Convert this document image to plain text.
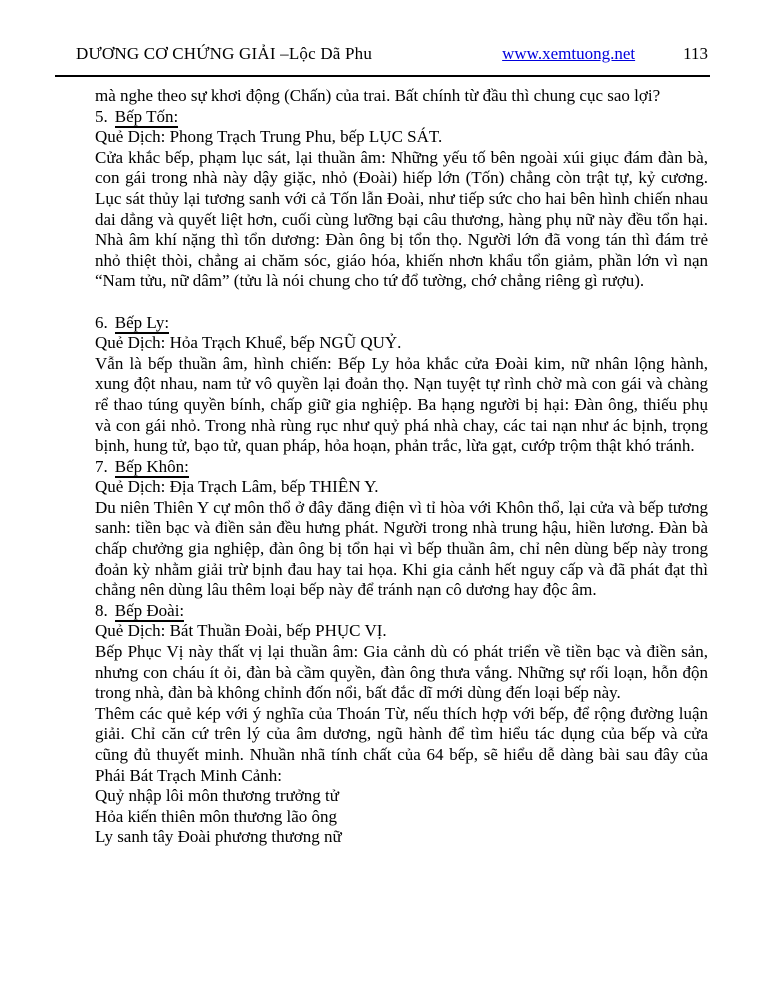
DƯƠNG CƠ CHỨNG GIẢI –Lộc Dã Phu	www.xemtuong.net	113

mà nghe theo sự khơi động (Chấn) của trai. Bất chính từ đầu thì chung cục sao lợi?

5. Bếp Tốn:

Quẻ Dịch: Phong Trạch Trung Phu, bếp LỤC SÁT.

Cửa khắc bếp, phạm lục sát, lại thuần âm: Những yếu tố bên ngoài xúi giục đám đàn bà, con gái trong nhà này dậy giặc, nhỏ (Đoài) hiếp lớn (Tốn) chẳng còn trật tự, kỷ cương. Lục sát thủy lại tương sanh với cả Tốn lẫn Đoài, như tiếp sức cho hai bên hình chiến nhau dai dẳng và quyết liệt hơn, cuối cùng lưỡng bại câu thương, hàng phụ nữ này đều tổn hại. Nhà âm khí nặng thì tổn dương: Đàn ông bị tổn thọ. Người lớn đã vong tán thì đám trẻ nhỏ thiệt thòi, chẳng ai chăm sóc, giáo hóa, khiến nhơn khẩu tổn giảm, phần lớn vì nạn “Nam tửu, nữ dâm” (tửu là nói chung cho tứ đổ tường, chớ chẳng riêng gì rượu).

6. Bếp Ly:

Quẻ Dịch: Hỏa Trạch Khuể, bếp NGŨ QUỶ.

Vẫn là bếp thuần âm, hình chiến: Bếp Ly hỏa khắc cửa Đoài kim, nữ nhân lộng hành, xung đột nhau, nam tử vô quyền lại đoản thọ. Nạn tuyệt tự rình chờ mà con gái và chàng rể thao túng quyền bính, chấp giữ gia nghiệp. Ba hạng người bị hại: Đàn ông, thiếu phụ và con gái nhỏ. Trong nhà rùng rục như quỷ phá nhà chay, các tai nạn như ác bịnh, trọng bịnh, hung tử, bạo tử, quan pháp, hỏa hoạn, phản trắc, lừa gạt, cướp trộm thật khó tránh.

7. Bếp Khôn:

Quẻ Dịch: Địa Trạch Lâm, bếp THIÊN Y.

Du niên Thiên Y cự môn thổ ở đây đăng điện vì tỉ hòa với Khôn thổ, lại cửa và bếp tương sanh: tiền bạc và điền sản đều hưng phát. Người trong nhà trung hậu, hiền lương. Đàn bà chấp chưởng gia nghiệp, đàn ông bị tổn hại vì bếp thuần âm, chỉ nên dùng bếp này trong đoản kỳ nhằm giải trừ bịnh đau hay tai họa. Khi gia cảnh hết nguy cấp và đã phát đạt thì chẳng nên dùng lâu thêm loại bếp này để tránh nạn cô dương hay độc âm.

8. Bếp Đoài:

Quẻ Dịch: Bát Thuần Đoài, bếp PHỤC VỊ.

Bếp Phục Vị này thất vị lại thuần âm: Gia cảnh dù có phát triển về tiền bạc và điền sản, nhưng con cháu ít ỏi, đàn bà cầm quyền, đàn ông thưa vắng. Những sự rối loạn, hỗn độn trong nhà, đàn bà không chỉnh đốn nổi, bất đắc dĩ mới dùng đến loại bếp này.

Thêm các quẻ kép với ý nghĩa của Thoán Từ, nếu thích hợp với bếp, để rộng đường luận giải. Chỉ căn cứ trên lý của âm dương, ngũ hành để tìm hiểu tác dụng của bếp và cửa cũng đủ thuyết minh. Nhuần nhã tính chất của 64 bếp, sẽ hiểu dễ dàng bài sau đây của Phái Bát Trạch Minh Cảnh:

Quỷ nhập lôi môn thương trưởng tử

Hỏa kiến thiên môn thương lão ông

Ly sanh tây Đoài phương thương nữ
